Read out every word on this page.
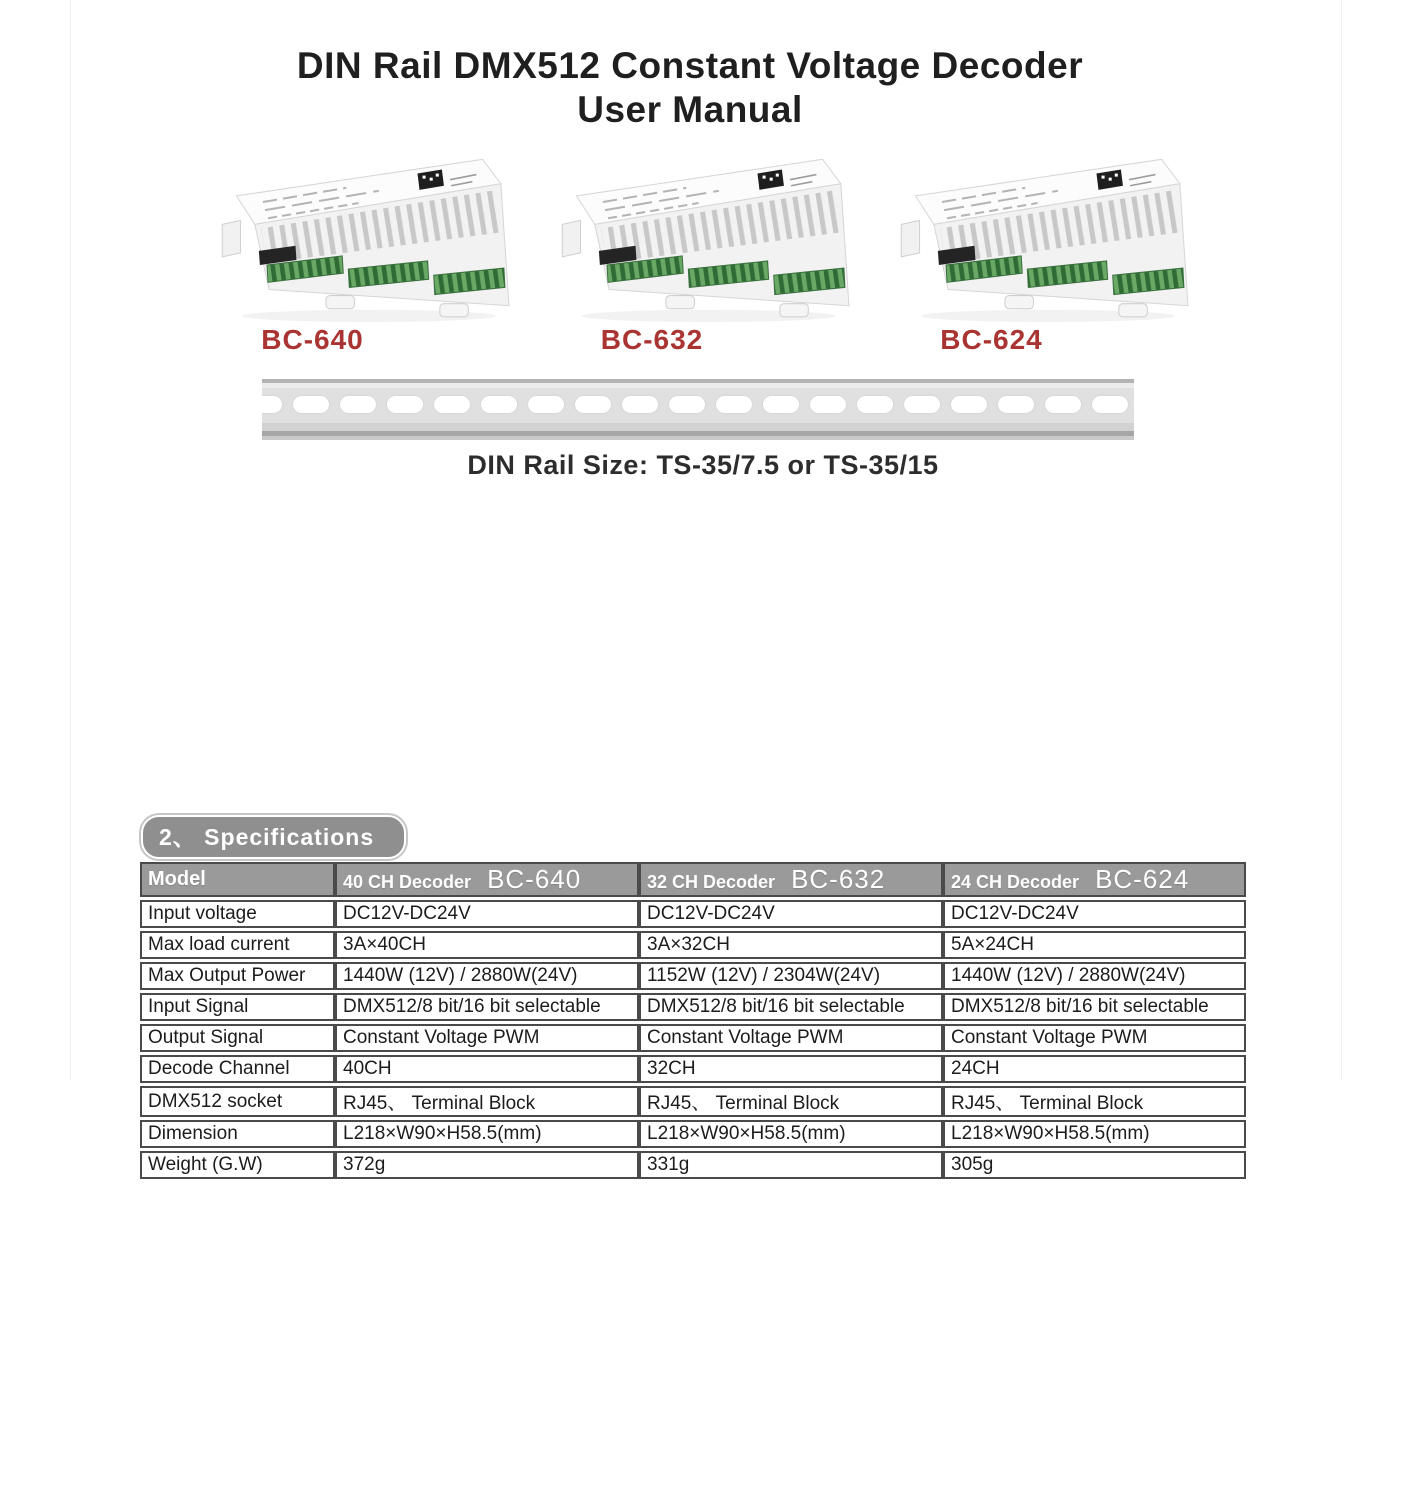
DIN Rail DMX512 Constant Voltage Decoder
User Manual
BC-640	BC-632	BC-624
DIN Rail Size: TS-35/7.5 or TS-35/15
2、 Specifications
Model	40 CH Decoder BC-640	32 CH Decoder BC-632	24 CH Decoder BC-624
Input voltage	DC12V-DC24V	DC12V-DC24V	DC12V-DC24V
Max load current	3A×40CH	3A×32CH	5A×24CH
Max Output Power	1440W (12V) / 2880W(24V)	1152W (12V) / 2304W(24V)	1440W (12V) / 2880W(24V)
Input Signal	DMX512/8 bit/16 bit selectable	DMX512/8 bit/16 bit selectable	DMX512/8 bit/16 bit selectable
Output Signal	Constant Voltage PWM	Constant Voltage PWM	Constant Voltage PWM
Decode Channel	40CH	32CH	24CH
DMX512 socket	RJ45、 Terminal Block	RJ45、 Terminal Block	RJ45、 Terminal Block
Dimension	L218×W90×H58.5(mm)	L218×W90×H58.5(mm)	L218×W90×H58.5(mm)
Weight (G.W)	372g	331g	305g
